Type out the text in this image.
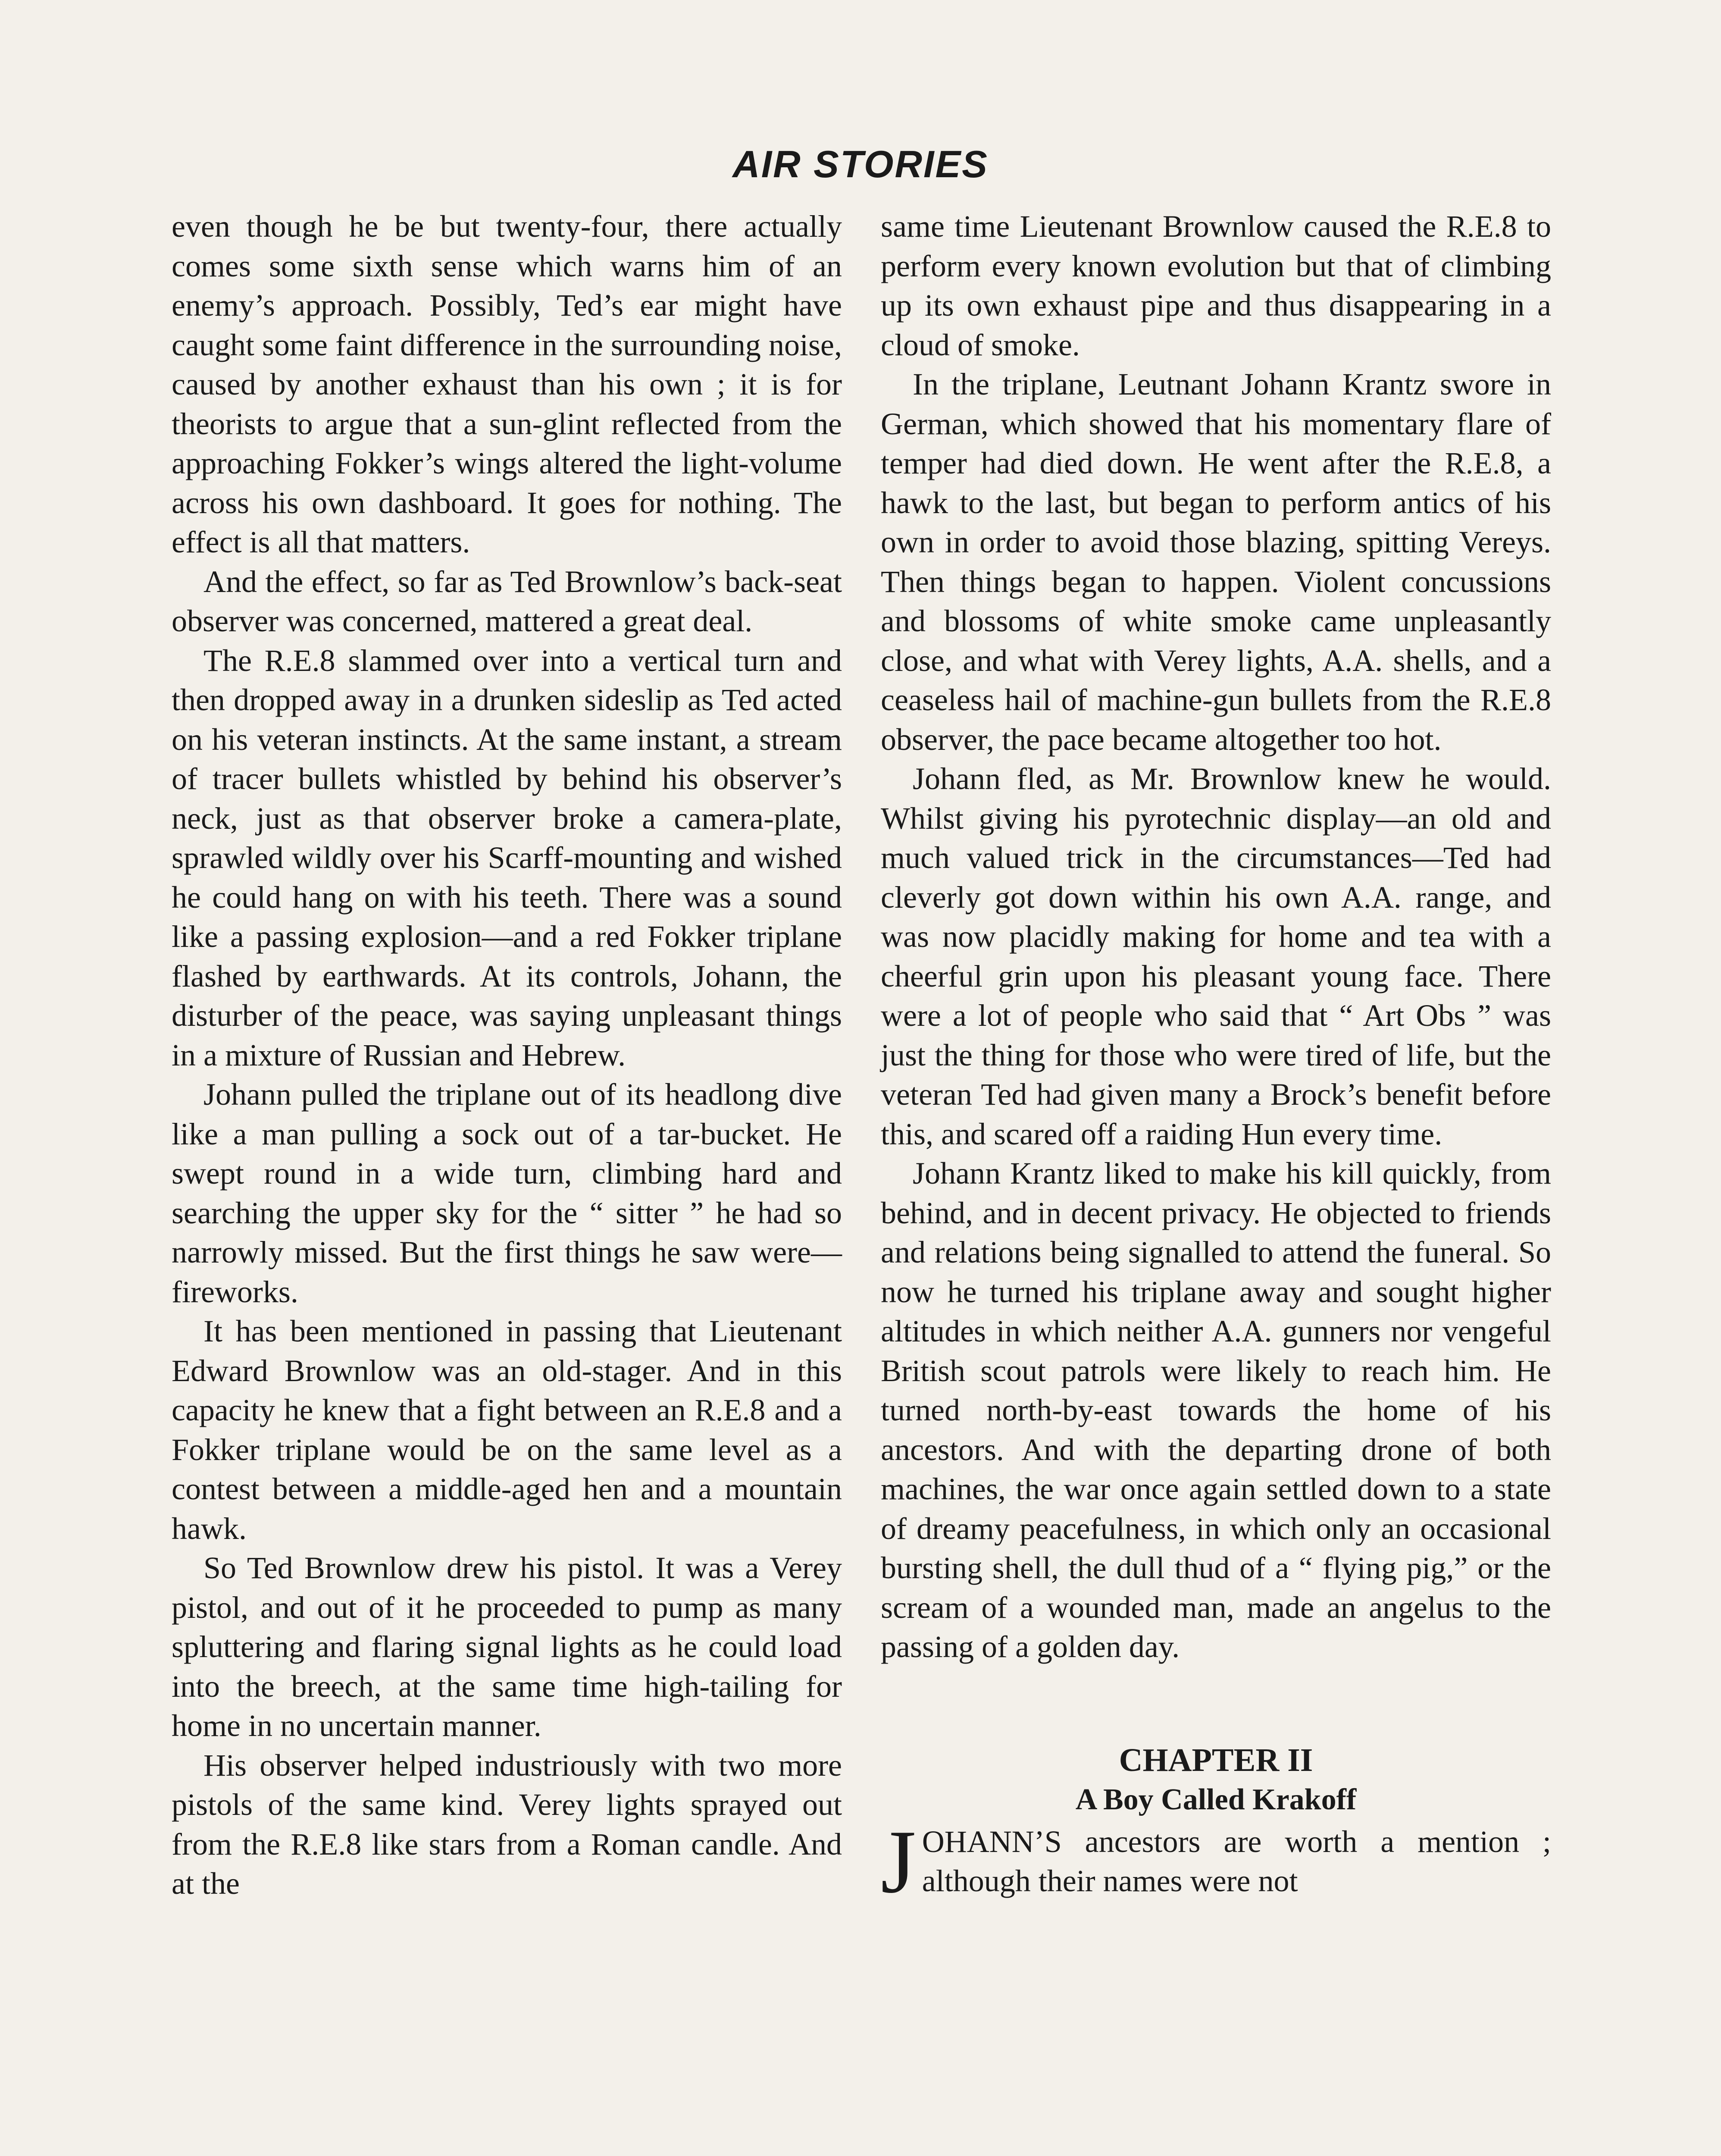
AIR STORIES

even though he be but twenty-four, there actually comes some sixth sense which warns him of an enemy’s approach. Possibly, Ted’s ear might have caught some faint difference in the surrounding noise, caused by another exhaust than his own ; it is for theorists to argue that a sun-glint reflected from the approaching Fokker’s wings altered the light-volume across his own dashboard. It goes for nothing. The effect is all that matters.

And the effect, so far as Ted Brownlow’s back-seat observer was concerned, mattered a great deal.

The R.E.8 slammed over into a vertical turn and then dropped away in a drunken sideslip as Ted acted on his veteran instincts. At the same instant, a stream of tracer bullets whistled by behind his observer’s neck, just as that observer broke a camera-plate, sprawled wildly over his Scarff-mounting and wished he could hang on with his teeth. There was a sound like a passing explosion—and a red Fokker triplane flashed by earthwards. At its controls, Johann, the disturber of the peace, was saying unpleasant things in a mixture of Russian and Hebrew.

Johann pulled the triplane out of its headlong dive like a man pulling a sock out of a tar-bucket. He swept round in a wide turn, climbing hard and searching the upper sky for the “ sitter ” he had so narrowly missed. But the first things he saw were—fireworks.

It has been mentioned in passing that Lieutenant Edward Brownlow was an old-stager. And in this capacity he knew that a fight between an R.E.8 and a Fokker triplane would be on the same level as a contest between a middle-aged hen and a mountain hawk.

So Ted Brownlow drew his pistol. It was a Verey pistol, and out of it he proceeded to pump as many spluttering and flaring signal lights as he could load into the breech, at the same time high-tailing for home in no uncertain manner.

His observer helped industriously with two more pistols of the same kind. Verey lights sprayed out from the R.E.8 like stars from a Roman candle. And at the

same time Lieutenant Brownlow caused the R.E.8 to perform every known evolution but that of climbing up its own exhaust pipe and thus disappearing in a cloud of smoke.

In the triplane, Leutnant Johann Krantz swore in German, which showed that his momentary flare of temper had died down. He went after the R.E.8, a hawk to the last, but began to perform antics of his own in order to avoid those blazing, spitting Vereys. Then things began to happen. Violent concussions and blossoms of white smoke came unpleasantly close, and what with Verey lights, A.A. shells, and a ceaseless hail of machine-gun bullets from the R.E.8 observer, the pace became altogether too hot.

Johann fled, as Mr. Brownlow knew he would. Whilst giving his pyrotechnic display—an old and much valued trick in the circumstances—Ted had cleverly got down within his own A.A. range, and was now placidly making for home and tea with a cheerful grin upon his pleasant young face. There were a lot of people who said that “ Art Obs ” was just the thing for those who were tired of life, but the veteran Ted had given many a Brock’s benefit before this, and scared off a raiding Hun every time.

Johann Krantz liked to make his kill quickly, from behind, and in decent privacy. He objected to friends and relations being signalled to attend the funeral. So now he turned his triplane away and sought higher altitudes in which neither A.A. gunners nor vengeful British scout patrols were likely to reach him. He turned north-by-east towards the home of his ancestors. And with the departing drone of both machines, the war once again settled down to a state of dreamy peacefulness, in which only an occasional bursting shell, the dull thud of a “ flying pig,” or the scream of a wounded man, made an angelus to the passing of a golden day.

CHAPTER II
A Boy Called Krakoff

JOHANN’S ancestors are worth a mention ; although their names were not
